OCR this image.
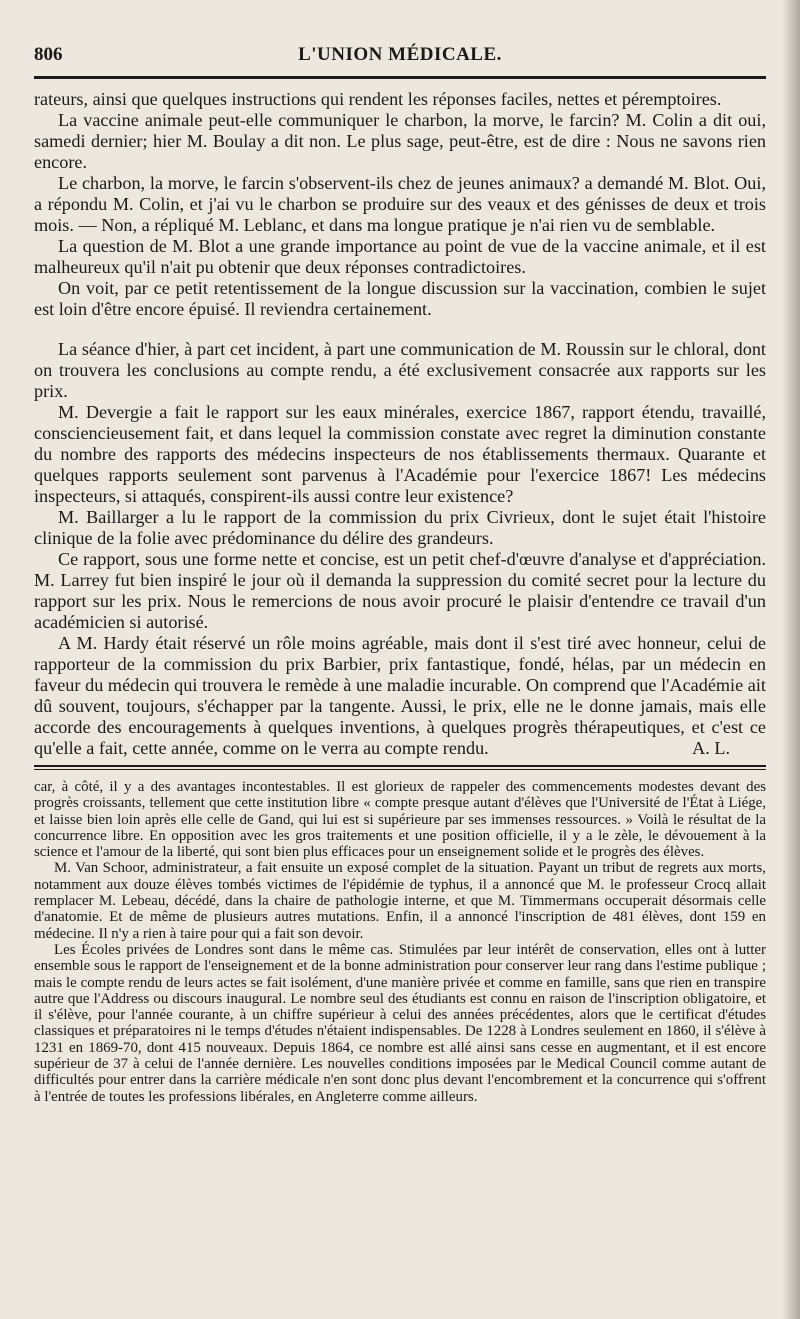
806	L'UNION MÉDICALE.

rateurs, ainsi que quelques instructions qui rendent les réponses faciles, nettes et péremptoires.

La vaccine animale peut-elle communiquer le charbon, la morve, le farcin? M. Colin a dit oui, samedi dernier; hier M. Boulay a dit non. Le plus sage, peut-être, est de dire : Nous ne savons rien encore.

Le charbon, la morve, le farcin s'observent-ils chez de jeunes animaux? a demandé M. Blot. Oui, a répondu M. Colin, et j'ai vu le charbon se produire sur des veaux et des génisses de deux et trois mois. — Non, a répliqué M. Leblanc, et dans ma longue pratique je n'ai rien vu de semblable.

La question de M. Blot a une grande importance au point de vue de la vaccine animale, et il est malheureux qu'il n'ait pu obtenir que deux réponses contradictoires.

On voit, par ce petit retentissement de la longue discussion sur la vaccination, combien le sujet est loin d'être encore épuisé. Il reviendra certainement.

La séance d'hier, à part cet incident, à part une communication de M. Roussin sur le chloral, dont on trouvera les conclusions au compte rendu, a été exclusivement consacrée aux rapports sur les prix.

M. Devergie a fait le rapport sur les eaux minérales, exercice 1867, rapport étendu, travaillé, consciencieusement fait, et dans lequel la commission constate avec regret la diminution constante du nombre des rapports des médecins inspecteurs de nos établissements thermaux. Quarante et quelques rapports seulement sont parvenus à l'Académie pour l'exercice 1867! Les médecins inspecteurs, si attaqués, conspirent-ils aussi contre leur existence?

M. Baillarger a lu le rapport de la commission du prix Civrieux, dont le sujet était l'histoire clinique de la folie avec prédominance du délire des grandeurs.

Ce rapport, sous une forme nette et concise, est un petit chef-d'œuvre d'analyse et d'appréciation. M. Larrey fut bien inspiré le jour où il demanda la suppression du comité secret pour la lecture du rapport sur les prix. Nous le remercions de nous avoir procuré le plaisir d'entendre ce travail d'un académicien si autorisé.

A M. Hardy était réservé un rôle moins agréable, mais dont il s'est tiré avec honneur, celui de rapporteur de la commission du prix Barbier, prix fantastique, fondé, hélas, par un médecin en faveur du médecin qui trouvera le remède à une maladie incurable. On comprend que l'Académie ait dû souvent, toujours, s'échapper par la tangente. Aussi, le prix, elle ne le donne jamais, mais elle accorde des encouragements à quelques inventions, à quelques progrès thérapeutiques, et c'est ce qu'elle a fait, cette année, comme on le verra au compte rendu.	A. L.

car, à côté, il y a des avantages incontestables. Il est glorieux de rappeler des commencements modestes devant des progrès croissants, tellement que cette institution libre « compte presque autant d'élèves que l'Université de l'État à Liége, et laisse bien loin après elle celle de Gand, qui lui est si supérieure par ses immenses ressources. » Voilà le résultat de la concurrence libre. En opposition avec les gros traitements et une position officielle, il y a le zèle, le dévouement à la science et l'amour de la liberté, qui sont bien plus efficaces pour un enseignement solide et le progrès des élèves.

M. Van Schoor, administrateur, a fait ensuite un exposé complet de la situation. Payant un tribut de regrets aux morts, notamment aux douze élèves tombés victimes de l'épidémie de typhus, il a annoncé que M. le professeur Crocq allait remplacer M. Lebeau, décédé, dans la chaire de pathologie interne, et que M. Timmermans occuperait désormais celle d'anatomie. Et de même de plusieurs autres mutations. Enfin, il a annoncé l'inscription de 481 élèves, dont 159 en médecine. Il n'y a rien à taire pour qui a fait son devoir.

Les Écoles privées de Londres sont dans le même cas. Stimulées par leur intérêt de conservation, elles ont à lutter ensemble sous le rapport de l'enseignement et de la bonne administration pour conserver leur rang dans l'estime publique ; mais le compte rendu de leurs actes se fait isolément, d'une manière privée et comme en famille, sans que rien en transpire autre que l'Address ou discours inaugural. Le nombre seul des étudiants est connu en raison de l'inscription obligatoire, et il s'élève, pour l'année courante, à un chiffre supérieur à celui des années précédentes, alors que le certificat d'études classiques et préparatoires ni le temps d'études n'étaient indispensables. De 1228 à Londres seulement en 1860, il s'élève à 1231 en 1869-70, dont 415 nouveaux. Depuis 1864, ce nombre est allé ainsi sans cesse en augmentant, et il est encore supérieur de 37 à celui de l'année dernière. Les nouvelles conditions imposées par le Medical Council comme autant de difficultés pour entrer dans la carrière médicale n'en sont donc plus devant l'encombrement et la concurrence qui s'offrent à l'entrée de toutes les professions libérales, en Angleterre comme ailleurs.
